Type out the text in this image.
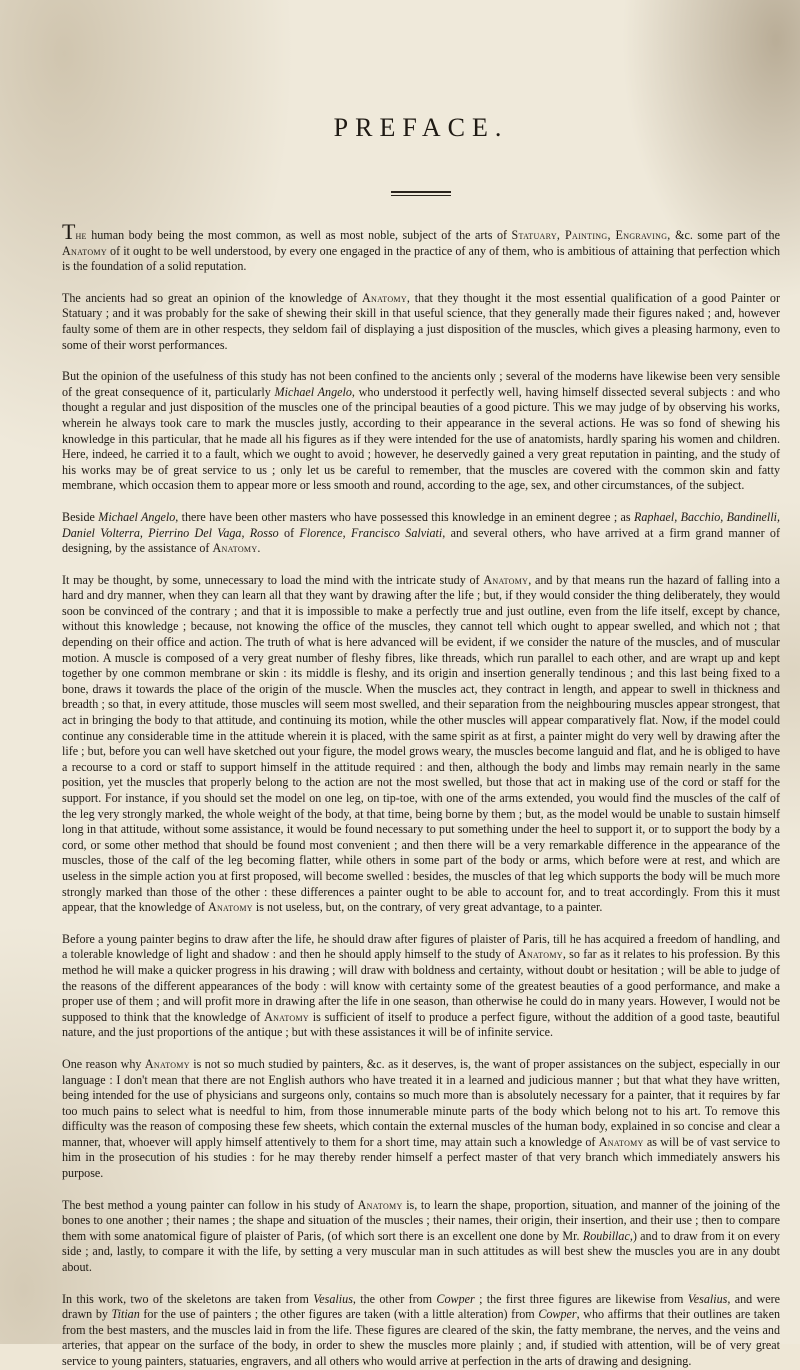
PREFACE.

The human body being the most common, as well as most noble, subject of the arts of Statuary, Painting, Engraving, &c. some part of the Anatomy of it ought to be well understood, by every one engaged in the practice of any of them, who is ambitious of attaining that perfection which is the foundation of a solid reputation.

The ancients had so great an opinion of the knowledge of Anatomy, that they thought it the most essential qualification of a good Painter or Statuary ; and it was probably for the sake of shewing their skill in that useful science, that they generally made their figures naked ; and, however faulty some of them are in other respects, they seldom fail of displaying a just disposition of the muscles, which gives a pleasing harmony, even to some of their worst performances.

But the opinion of the usefulness of this study has not been confined to the ancients only ; several of the moderns have likewise been very sensible of the great consequence of it, particularly Michael Angelo, who understood it perfectly well, having himself dissected several subjects : and who thought a regular and just disposition of the muscles one of the principal beauties of a good picture. This we may judge of by observing his works, wherein he always took care to mark the muscles justly, according to their appearance in the several actions. He was so fond of shewing his knowledge in this particular, that he made all his figures as if they were intended for the use of anatomists, hardly sparing his women and children. Here, indeed, he carried it to a fault, which we ought to avoid ; however, he deservedly gained a very great reputation in painting, and the study of his works may be of great service to us ; only let us be careful to remember, that the muscles are covered with the common skin and fatty membrane, which occasion them to appear more or less smooth and round, according to the age, sex, and other circumstances, of the subject.

Beside Michael Angelo, there have been other masters who have possessed this knowledge in an eminent degree ; as Raphael, Bacchio, Bandinelli, Daniel Volterra, Pierrino Del Vaga, Rosso of Florence, Francisco Salviati, and several others, who have arrived at a firm grand manner of designing, by the assistance of Anatomy.

It may be thought, by some, unnecessary to load the mind with the intricate study of Anatomy, and by that means run the hazard of falling into a hard and dry manner, when they can learn all that they want by drawing after the life ; but, if they would consider the thing deliberately, they would soon be convinced of the contrary ; and that it is impossible to make a perfectly true and just outline, even from the life itself, except by chance, without this knowledge ; because, not knowing the office of the muscles, they cannot tell which ought to appear swelled, and which not ; that depending on their office and action. The truth of what is here advanced will be evident, if we consider the nature of the muscles, and of muscular motion. A muscle is composed of a very great number of fleshy fibres, like threads, which run parallel to each other, and are wrapt up and kept together by one common membrane or skin : its middle is fleshy, and its origin and insertion generally tendinous ; and this last being fixed to a bone, draws it towards the place of the origin of the muscle. When the muscles act, they contract in length, and appear to swell in thickness and breadth ; so that, in every attitude, those muscles will seem most swelled, and their separation from the neighbouring muscles appear strongest, that act in bringing the body to that attitude, and continuing its motion, while the other muscles will appear comparatively flat. Now, if the model could continue any considerable time in the attitude wherein it is placed, with the same spirit as at first, a painter might do very well by drawing after the life ; but, before you can well have sketched out your figure, the model grows weary, the muscles become languid and flat, and he is obliged to have a recourse to a cord or staff to support himself in the attitude required : and then, although the body and limbs may remain nearly in the same position, yet the muscles that properly belong to the action are not the most swelled, but those that act in making use of the cord or staff for the support. For instance, if you should set the model on one leg, on tip-toe, with one of the arms extended, you would find the muscles of the calf of the leg very strongly marked, the whole weight of the body, at that time, being borne by them ; but, as the model would be unable to sustain himself long in that attitude, without some assistance, it would be found necessary to put something under the heel to support it, or to support the body by a cord, or some other method that should be found most convenient ; and then there will be a very remarkable difference in the appearance of the muscles, those of the calf of the leg becoming flatter, while others in some part of the body or arms, which before were at rest, and which are useless in the simple action you at first proposed, will become swelled : besides, the muscles of that leg which supports the body will be much more strongly marked than those of the other : these differences a painter ought to be able to account for, and to treat accordingly. From this it must appear, that the knowledge of Anatomy is not useless, but, on the contrary, of very great advantage, to a painter.

Before a young painter begins to draw after the life, he should draw after figures of plaister of Paris, till he has acquired a freedom of handling, and a tolerable knowledge of light and shadow : and then he should apply himself to the study of Anatomy, so far as it relates to his profession. By this method he will make a quicker progress in his drawing ; will draw with boldness and certainty, without doubt or hesitation ; will be able to judge of the reasons of the different appearances of the body : will know with certainty some of the greatest beauties of a good performance, and make a proper use of them ; and will profit more in drawing after the life in one season, than otherwise he could do in many years. However, I would not be supposed to think that the knowledge of Anatomy is sufficient of itself to produce a perfect figure, without the addition of a good taste, beautiful nature, and the just proportions of the antique ; but with these assistances it will be of infinite service.

One reason why Anatomy is not so much studied by painters, &c. as it deserves, is, the want of proper assistances on the subject, especially in our language : I don't mean that there are not English authors who have treated it in a learned and judicious manner ; but that what they have written, being intended for the use of physicians and surgeons only, contains so much more than is absolutely necessary for a painter, that it requires by far too much pains to select what is needful to him, from those innumerable minute parts of the body which belong not to his art. To remove this difficulty was the reason of composing these few sheets, which contain the external muscles of the human body, explained in so concise and clear a manner, that, whoever will apply himself attentively to them for a short time, may attain such a knowledge of Anatomy as will be of vast service to him in the prosecution of his studies : for he may thereby render himself a perfect master of that very branch which immediately answers his purpose.

The best method a young painter can follow in his study of Anatomy is, to learn the shape, proportion, situation, and manner of the joining of the bones to one another ; their names ; the shape and situation of the muscles ; their names, their origin, their insertion, and their use ; then to compare them with some anatomical figure of plaister of Paris, (of which sort there is an excellent one done by Mr. Roubillac,) and to draw from it on every side ; and, lastly, to compare it with the life, by setting a very muscular man in such attitudes as will best shew the muscles you are in any doubt about.

In this work, two of the skeletons are taken from Vesalius, the other from Cowper ; the first three figures are likewise from Vesalius, and were drawn by Titian for the use of painters ; the other figures are taken (with a little alteration) from Cowper, who affirms that their outlines are taken from the best masters, and the muscles laid in from the life. These figures are cleared of the skin, the fatty membrane, the nerves, and the veins and arteries, that appear on the surface of the body, in order to shew the muscles more plainly ; and, if studied with attention, will be of very great service to young painters, statuaries, engravers, and all others who would arrive at perfection in the arts of drawing and designing.
